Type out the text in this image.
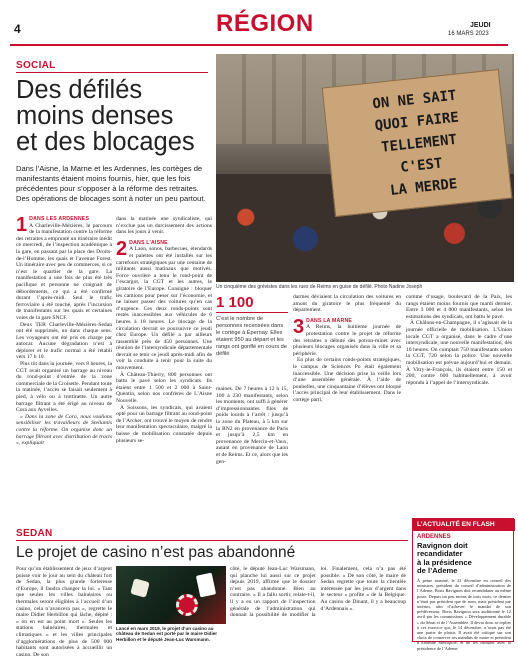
4	RÉGION	JEUDI
16 MARS 2023
SOCIAL
Des défilés
moins denses
et des blocages
Dans l’Aisne, la Marne et les Ardennes, les cortèges de manifestants étaient moins fournis, hier, que les fois précédentes pour s’opposer à la réforme des retraites. Des opérations de blocages sont à noter un peu partout.
ON NE SAIT
QUOI FAIRE
TELLEMENT
C'EST
LA MERDE
Un cinquième des grévistes dans les rues de Reims en guise de défilé. Photo Nadine Joseph
1 DANS LES ARDENNES

A Charleville-Mézières, le parcours de la manifestation contre la réforme des retraites a emprunté un itinéraire inédit ce mercredi, de l’inspection académique à la gare, en passant par la place des Droits-de-l’Homme, les quais et l’avenue Forest. Un itinéraire avec peu de commerces, si ce n’est le quartier de la gare. La manifestation a une fois de plus été très pacifique et personne ne craignait de débordements, ce qui a été confirmé durant l’après-midi. Seul le trafic ferroviaire a été touché, après l’incursion de manifestants sur les quais et certaines voies de la gare SNCF.

Deux TER Charleville-Mézières-Sedan ont été supprimés, un dans chaque sens. Les voyageurs ont été pris en charge par autocar. Aucune dégradation n’est à déplorer et le trafic normal a été rétabli vers 17 h 10.

Plus tôt dans la journée, vers 8 heures, la CGT avait organisé un barrage au niveau du rond-point d’entrée de la zone commerciale de la Croisette. Pendant toute la matinée, l’accès se faisait seulement à pied, à vélo ou à trottinette. Un autre barrage filtrant a été érigé au niveau de Cora aux Ayvelles.

« Dans la zone de Cora, nous voulions sensibiliser les travailleurs de Stellantis contre la réforme. On organise donc un barrage filtrant avec distribution de tracts », expliquait

dans la matinée une syndicaliste, qui n’exclue pas un durcissement des actions dans les jours à venir.

2 DANS L’AISNE

A Laon, sonos, barbecues, étendards et palettes ont été installés sur les carrefours stratégiques par une centaine de militants aussi matinaux que motivés. Force ouvrière a tenu le rond-point de l’escargot, la CGT et les autres, le giratoire de l’Europe. Consigne : bloquer les camions pour peser sur l’économie, et ne laisser passer des voitures qu’en cas d’urgence. Ces deux ronds-points sont restés inaccessibles aux véhicules de 6 heures à 18 heures. Le blocage de la circulation devrait se poursuivre ce jeudi chez Europe. Un défilé a par ailleurs rassemblé près de 450 personnes. Une réunion de l’intersyndicale départementale devrait se tenir ce jeudi après-midi afin de voir la conduite à tenir pour la suite du mouvement.

À Château-Thierry, 800 personnes ont battu le pavé selon les syndicats. Ils étaient entre 1 500 et 2 000 à Saint-Quentin, selon nos confrères de L’Aisne Nouvelle.

À Soissons, les syndicats, qui avaient opté pour un barrage filtrant au rond-point de l’Archer, ont trouvé le moyen de rendre leur manifestation spectaculaire, malgré la baisse de mobilisation constatée depuis plusieurs se-

1 100
C’est le nombre de personnes recensées dans le cortège à Épernay. Elles étaient 950 au départ et les rangs ont gonflé en cours de défilé

maines. De 7 heures à 12 h 15, 100 à 230 manifestants, selon les moments, ont suffi à générer d’impressionnantes files de poids lourds à l’arrêt : jusqu’à la zone du Plateau, à 5 km sur la RN2 en provenance de Paris et jusqu’à 2,5 km en provenance de Mercin-et-Vaux, autant en provenance de Laon et de Reims. Et ce, alors que les gen-

darmes déviaient la circulation des voitures en amont du giratoire le plus fréquenté du département.

3 DANS LA MARNE

A Reims, la huitième journée de protestation contre le projet de réforme des retraites a débuté dès potron-minet avec plusieurs blocages organisés dans la ville et sa périphérie.

En plus de certains ronds-points stratégiques, le campus de Sciences Po était également inaccessible. Une décision prise la veille lors d’une assemblée générale. À l’aide de poubelles, une cinquantaine d’élèves ont bloqué l’accès principal de leur établissement. Dans le cortège parti,

comme d’usage, boulevard de la Paix, les rangs étaient moins fournis que mardi dernier. Entre 3 000 et 4 000 manifestants, selon les estimations des syndicats, ont battu le pavé.

À Châlons-en-Champagne, il s’agissait de la journée officielle de mobilisation. L’Union locale CGT a organisé, dans le cadre d’une intersyndicale, une nouvelle manifestation, dès 10 heures. On comptait 750 manifestants selon la CGT, 720 selon la police. Une nouvelle mobilisation est prévue aujourd’hui et demain. À Vitry-le-François, ils étaient entre 150 et 200, contre 600 habituellement, à avoir répondu à l’appel de l’intersyndicale.

SEDAN
Le projet de casino n’est pas abandonné

Pour qu’un établissement de jeux d’argent puisse voir le jour au sein du château fort de Sedan, la plus grande forteresse d’Europe, il faudra changer la loi. « Tant que seules les villes balnéaires ou thermales seront éligibles à l’accueil d’un casino, cela n’avancera pas », regrette le maire Didier Herbillon qui lâche, dépité : « on en est au point mort ». Seules les stations balnéaires, thermales et climatiques « et les villes principales d’agglomérations de plus de 500 000 habitants sont autorisées à accueillir un casino. De son

Lancé en mars 2019, le projet d’un casino au château de Sedan est porté par le maire Didier Herbillon et le député Jean-Luc Warsmann.

côté, le député Jean-Luc Warsmann, qui planche lui aussi sur ce projet depuis 2019, affirme que le dossier n’est pas abandonné. Bien au contraire. « Il a fallu sortir, relate-t-il, il y a eu un rapport de l’inspection générale de l’administration qui donnait la possibilité de modifier la loi. Finalement, cela n’a pas été possible. » De son côté, le maire de Sedan regrette que toute la clientèle intéressée par les jeux d’argent dans le secteur « profite » de la Belgique. Au casino de Dinant, il y a beaucoup d’Ardennais ».

L’ACTUALITÉ EN FLASH
ARDENNES
Ravignon doit
recandidater
à la présidence
de l’Ademe
À peine nommé, le 22 décembre en conseil des ministres, président du conseil d’administration de l’Ademe, Boris Ravignon doit recandidater au même poste. Depuis un peu moins de trois mois, ce dernier n’était pas président que de nom, mais président par intérim, afin d’achever le mandat de son prédécesseur. Boris Ravignon sera auditionné le 12 avril par les commissions « Développement durable » du Sénat et de l’Assemblée. Il devra donc se replier à cet exercice qui, le 14 décembre, n’avait pas été une partie de plaisir. Il avait été critiqué sur son choix de conserver ses mandats de maire et président d’Ardenne Métropole, et de les cumuler avec la présidence de l’Ademe.
